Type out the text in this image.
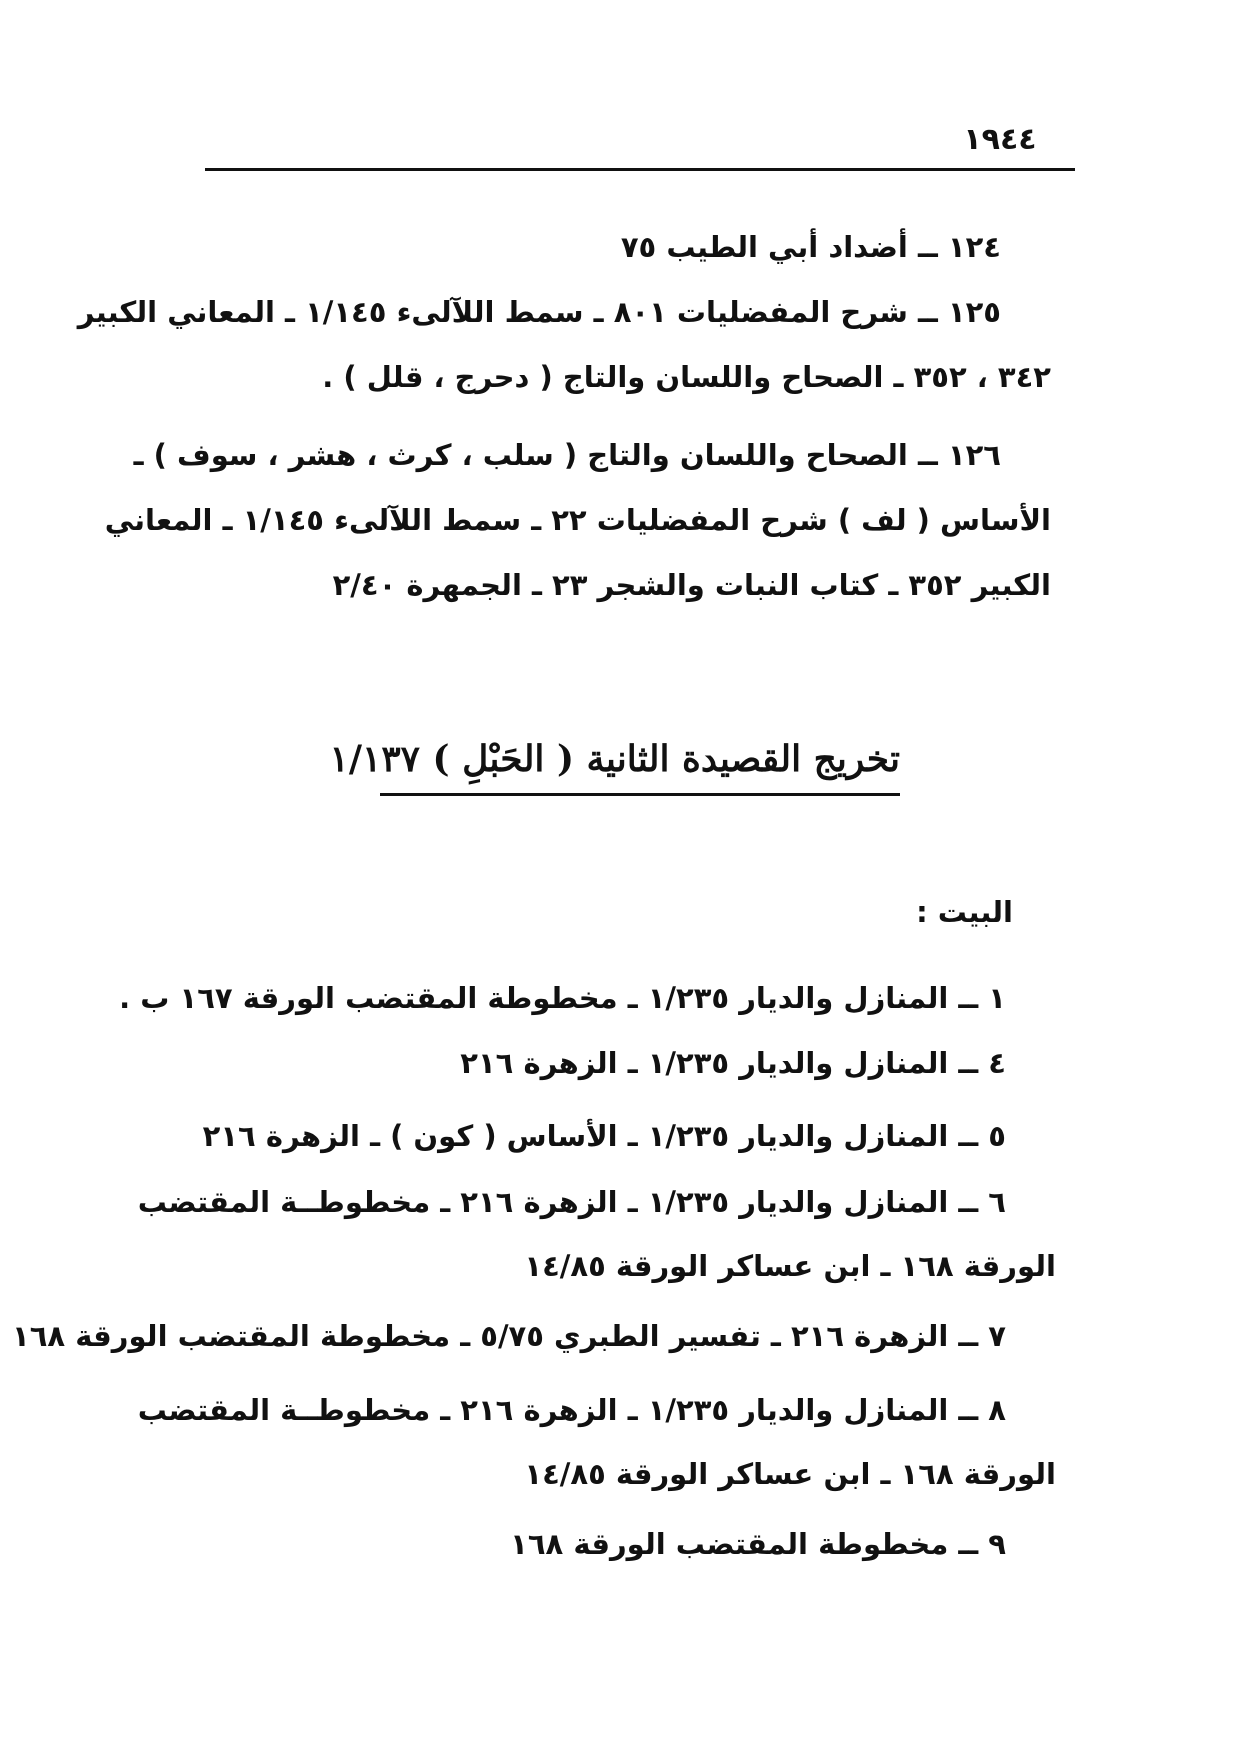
١٩٤٤
١٢٤ ــ أضداد أبي الطيب ٧٥
١٢٥ ــ شرح المفضليات ٨٠١ ـ سمط اللآلىء ١/١٤٥ ـ المعاني الكبير
٣٤٢ ، ٣٥٢ ـ الصحاح واللسان والتاج ( دحرج ، قلل ) .
١٢٦ ــ الصحاح واللسان والتاج ( سلب ، كرث ، هشر ، سوف ) ـ
الأساس ( لف ) شرح المفضليات ٢٢ ـ سمط اللآلىء ١/١٤٥ ـ المعاني
الكبير ٣٥٢ ـ كتاب النبات والشجر ٢٣ ـ الجمهرة ٢/٤٠
تخريج القصيدة الثانية ( الحَبْلِ ) ١/١٣٧
البيت :
١ ــ المنازل والديار ١/٢٣٥ ـ مخطوطة المقتضب الورقة ١٦٧ ب .
٤ ــ المنازل والديار ١/٢٣٥ ـ الزهرة ٢١٦
٥ ــ المنازل والديار ١/٢٣٥ ـ الأساس ( كون ) ـ الزهرة ٢١٦
٦ ــ المنازل والديار ١/٢٣٥ ـ الزهرة ٢١٦ ـ مخطوطــة المقتضب
الورقة ١٦٨ ـ ابن عساكر الورقة ١٤/٨٥
٧ ــ الزهرة ٢١٦ ـ تفسير الطبري ٥/٧٥ ـ مخطوطة المقتضب الورقة ١٦٨
٨ ــ المنازل والديار ١/٢٣٥ ـ الزهرة ٢١٦ ـ مخطوطــة المقتضب
الورقة ١٦٨ ـ ابن عساكر الورقة ١٤/٨٥
٩ ــ مخطوطة المقتضب الورقة ١٦٨
